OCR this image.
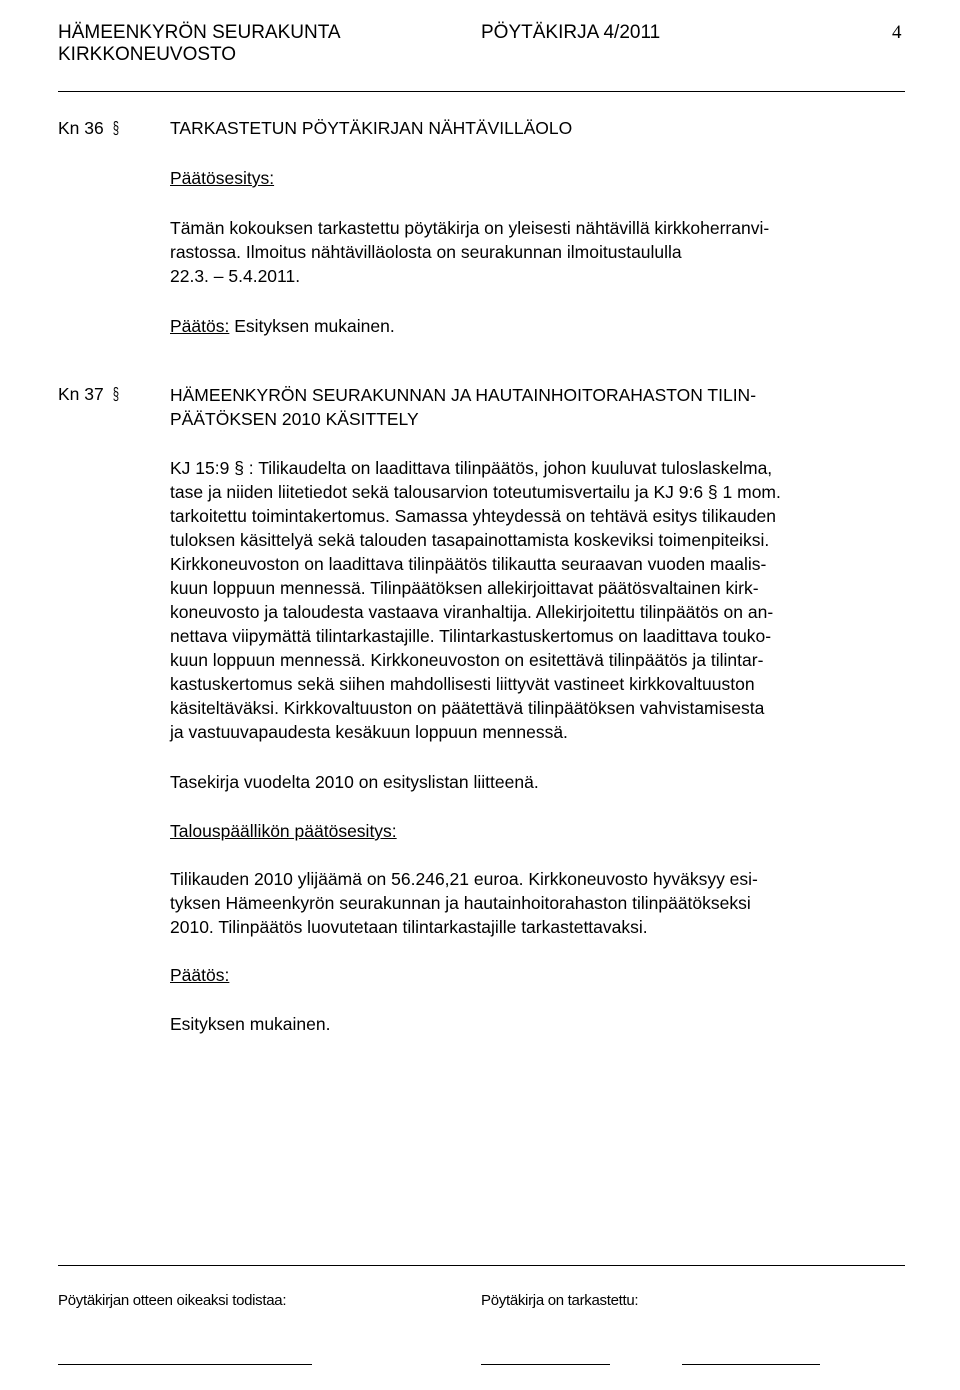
HÄMEENKYRÖN SEURAKUNTA
KIRKKONEUVOSTO
PÖYTÄKIRJA 4/2011	4
Kn 36 §	TARKASTETUN PÖYTÄKIRJAN NÄHTÄVILLÄOLO
Päätösesitys:
Tämän kokouksen tarkastettu pöytäkirja on yleisesti nähtävillä kirkkoherranvi-
rastossa. Ilmoitus nähtävilläolosta on seurakunnan ilmoitustaululla
22.3. – 5.4.2011.
Päätös: Esityksen mukainen.
Kn 37 §	HÄMEENKYRÖN SEURAKUNNAN JA HAUTAINHOITORAHASTON TILIN-
PÄÄTÖKSEN 2010 KÄSITTELY
KJ 15:9 § : Tilikaudelta on laadittava tilinpäätös, johon kuuluvat tuloslaskelma,
tase ja niiden liitetiedot sekä talousarvion toteutumisvertailu ja KJ 9:6 § 1 mom.
tarkoitettu toimintakertomus. Samassa yhteydessä on tehtävä esitys tilikauden
tuloksen käsittelyä sekä talouden tasapainottamista koskeviksi toimenpiteiksi.
Kirkkoneuvoston on laadittava tilinpäätös tilikautta seuraavan vuoden maalis-
kuun loppuun mennessä. Tilinpäätöksen allekirjoittavat päätösvaltainen kirk-
koneuvosto ja taloudesta vastaava viranhaltija. Allekirjoitettu tilinpäätös on an-
nettava viipymättä tilintarkastajille. Tilintarkastuskertomus on laadittava touko-
kuun loppuun mennessä. Kirkkoneuvoston on esitettävä tilinpäätös ja tilintar-
kastuskertomus sekä siihen mahdollisesti liittyvät vastineet kirkkovaltuuston
käsiteltäväksi. Kirkkovaltuuston on päätettävä tilinpäätöksen vahvistamisesta
ja vastuuvapaudesta kesäkuun loppuun mennessä.
Tasekirja vuodelta 2010 on esityslistan liitteenä.
Talouspäällikön päätösesitys:
Tilikauden 2010 ylijäämä on 56.246,21 euroa. Kirkkoneuvosto hyväksyy esi-
tyksen Hämeenkyrön seurakunnan ja hautainhoitorahaston tilinpäätökseksi
2010. Tilinpäätös luovutetaan tilintarkastajille tarkastettavaksi.
Päätös:
Esityksen mukainen.
Pöytäkirjan otteen oikeaksi todistaa:	Pöytäkirja on tarkastettu:
